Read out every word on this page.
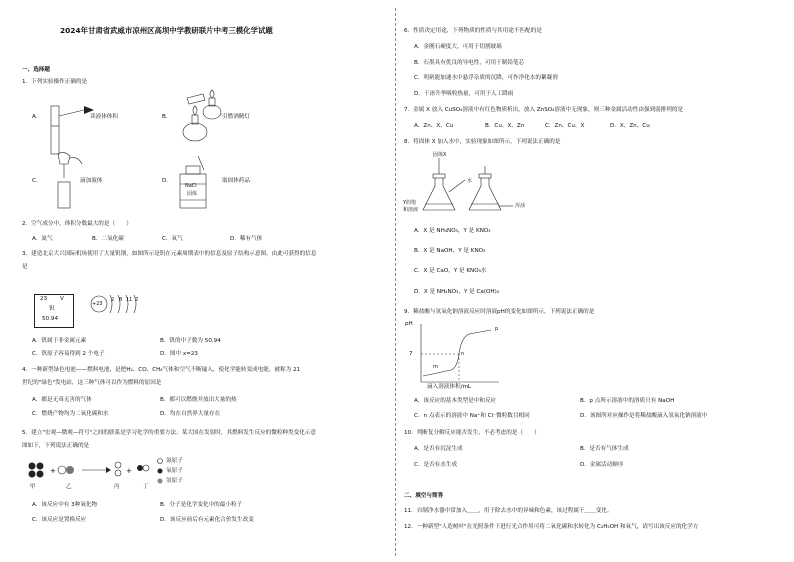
2024年甘肃省武威市凉州区高坝中学教研联片中考三模化学试题
一、选择题
1．下列实验操作正确的是
A．	读液体体积	B．	引燃酒精灯
C．	滴加液体	D．
NaCl
固体
取固体药品
2．空气成分中，体积分数最大的是（　　）
A．氮气	B．二氧化碳	C．氧气	D．稀有气体
3．建造北京大兴国际机场使用了大量钒钢，如图所示是钒在元素周期表中的信息及原子结构示意图，由此可获得的信息
是
23 V
钒
50.94
+23
2 8 11 2
A．钒属于非金属元素	B．钒的中子数为 50.94
C．钒原子容易得到 2 个电子	D．图中 x=23
4．一种新型绿色电池——燃料电池，是把H₂、CO、CH₄气体和空气不断输入，使化学能转变成电能，被称为 21
世纪的"绿色"发电站，这三种气体可以作为燃料的原因是
A．都是无毒无害的气体	B．都可以燃烧并放出大量的热
C．燃烧产物均为二氧化碳和水	D．均在自然界大量存在
5．建立"宏观—微观—符号"之间的联系是学习化学的重要方法。某大国在发射时，其燃料发生反应的微粒种类变化示意
图如下，下列说法正确的是
+	+
甲	乙	丙	丁
氮原子
氧原子
氢原子
A．该反应中有 3种氧化物	B．分子是化学变化中的最小粒子
C．该反应是置换反应	D．该反应前后有元素化合价发生改变
6．性质决定用途，下列物质的性质与其用途不匹配的是
A．金刚石硬度大，可用于切割玻璃
B．石墨具有优良的导电性，可用于制铅笔芯
C．明矾能加速水中悬浮杂质的沉降，可作净化水的絮凝剂
D．干冰升华吸收热量，可用于人工降雨
7．金属 X 放入 CuSO₄溶液中有红色物质析出，放入 ZnSO₄溶液中无现象，则三种金属活动性由强到弱排列的是
A．Zn、X、Cu	B．Cu、X、Zn	C．Zn、Cu、X	D．X、Zn、Cu
8．将固体 X 加入水中，实验现象如图所示，下列说法正确的是
固体X
水
Y的饱
和溶液
浑浊
A．X 是 NH₄NO₃，Y 是 KNO₃
B．X 是 NaOH，Y 是 KNO₃
C．X 是 CaO，Y 是 KNO₃水
D．X 是 NH₄NO₃，Y 是 Ca(OH)₂
9．稀盐酸与氢氧化钠溶液反应时溶液pH的变化如图所示，下列说法正确的是
pH
7
m
n
p
滴入溶液体积/mL
A．该反应的基本类型是中和反应	B．p 点所示溶液中的溶质只有 NaOH
C．n 点表示的溶液中 Na⁺和 Cl⁻微粒数目相同	D．该图所对应操作是将稀盐酸滴入氢氧化钠溶液中
10．判断复分解反应能否发生，不必考虑的是（　　）
A．是否有沉淀生成	B．是否有气体生成
C．是否有水生成	D．金属活动顺序
二、填空与简答
11．自制净水器中常加入＿＿，用于除去水中的异味和色素，该过程属于＿＿变化。
12．一种新型"人造树叶"在光照条件下进行光合作用可将二氧化碳和水转化为 C₂H₅OH 和氧气，请写出该反应的化学方
